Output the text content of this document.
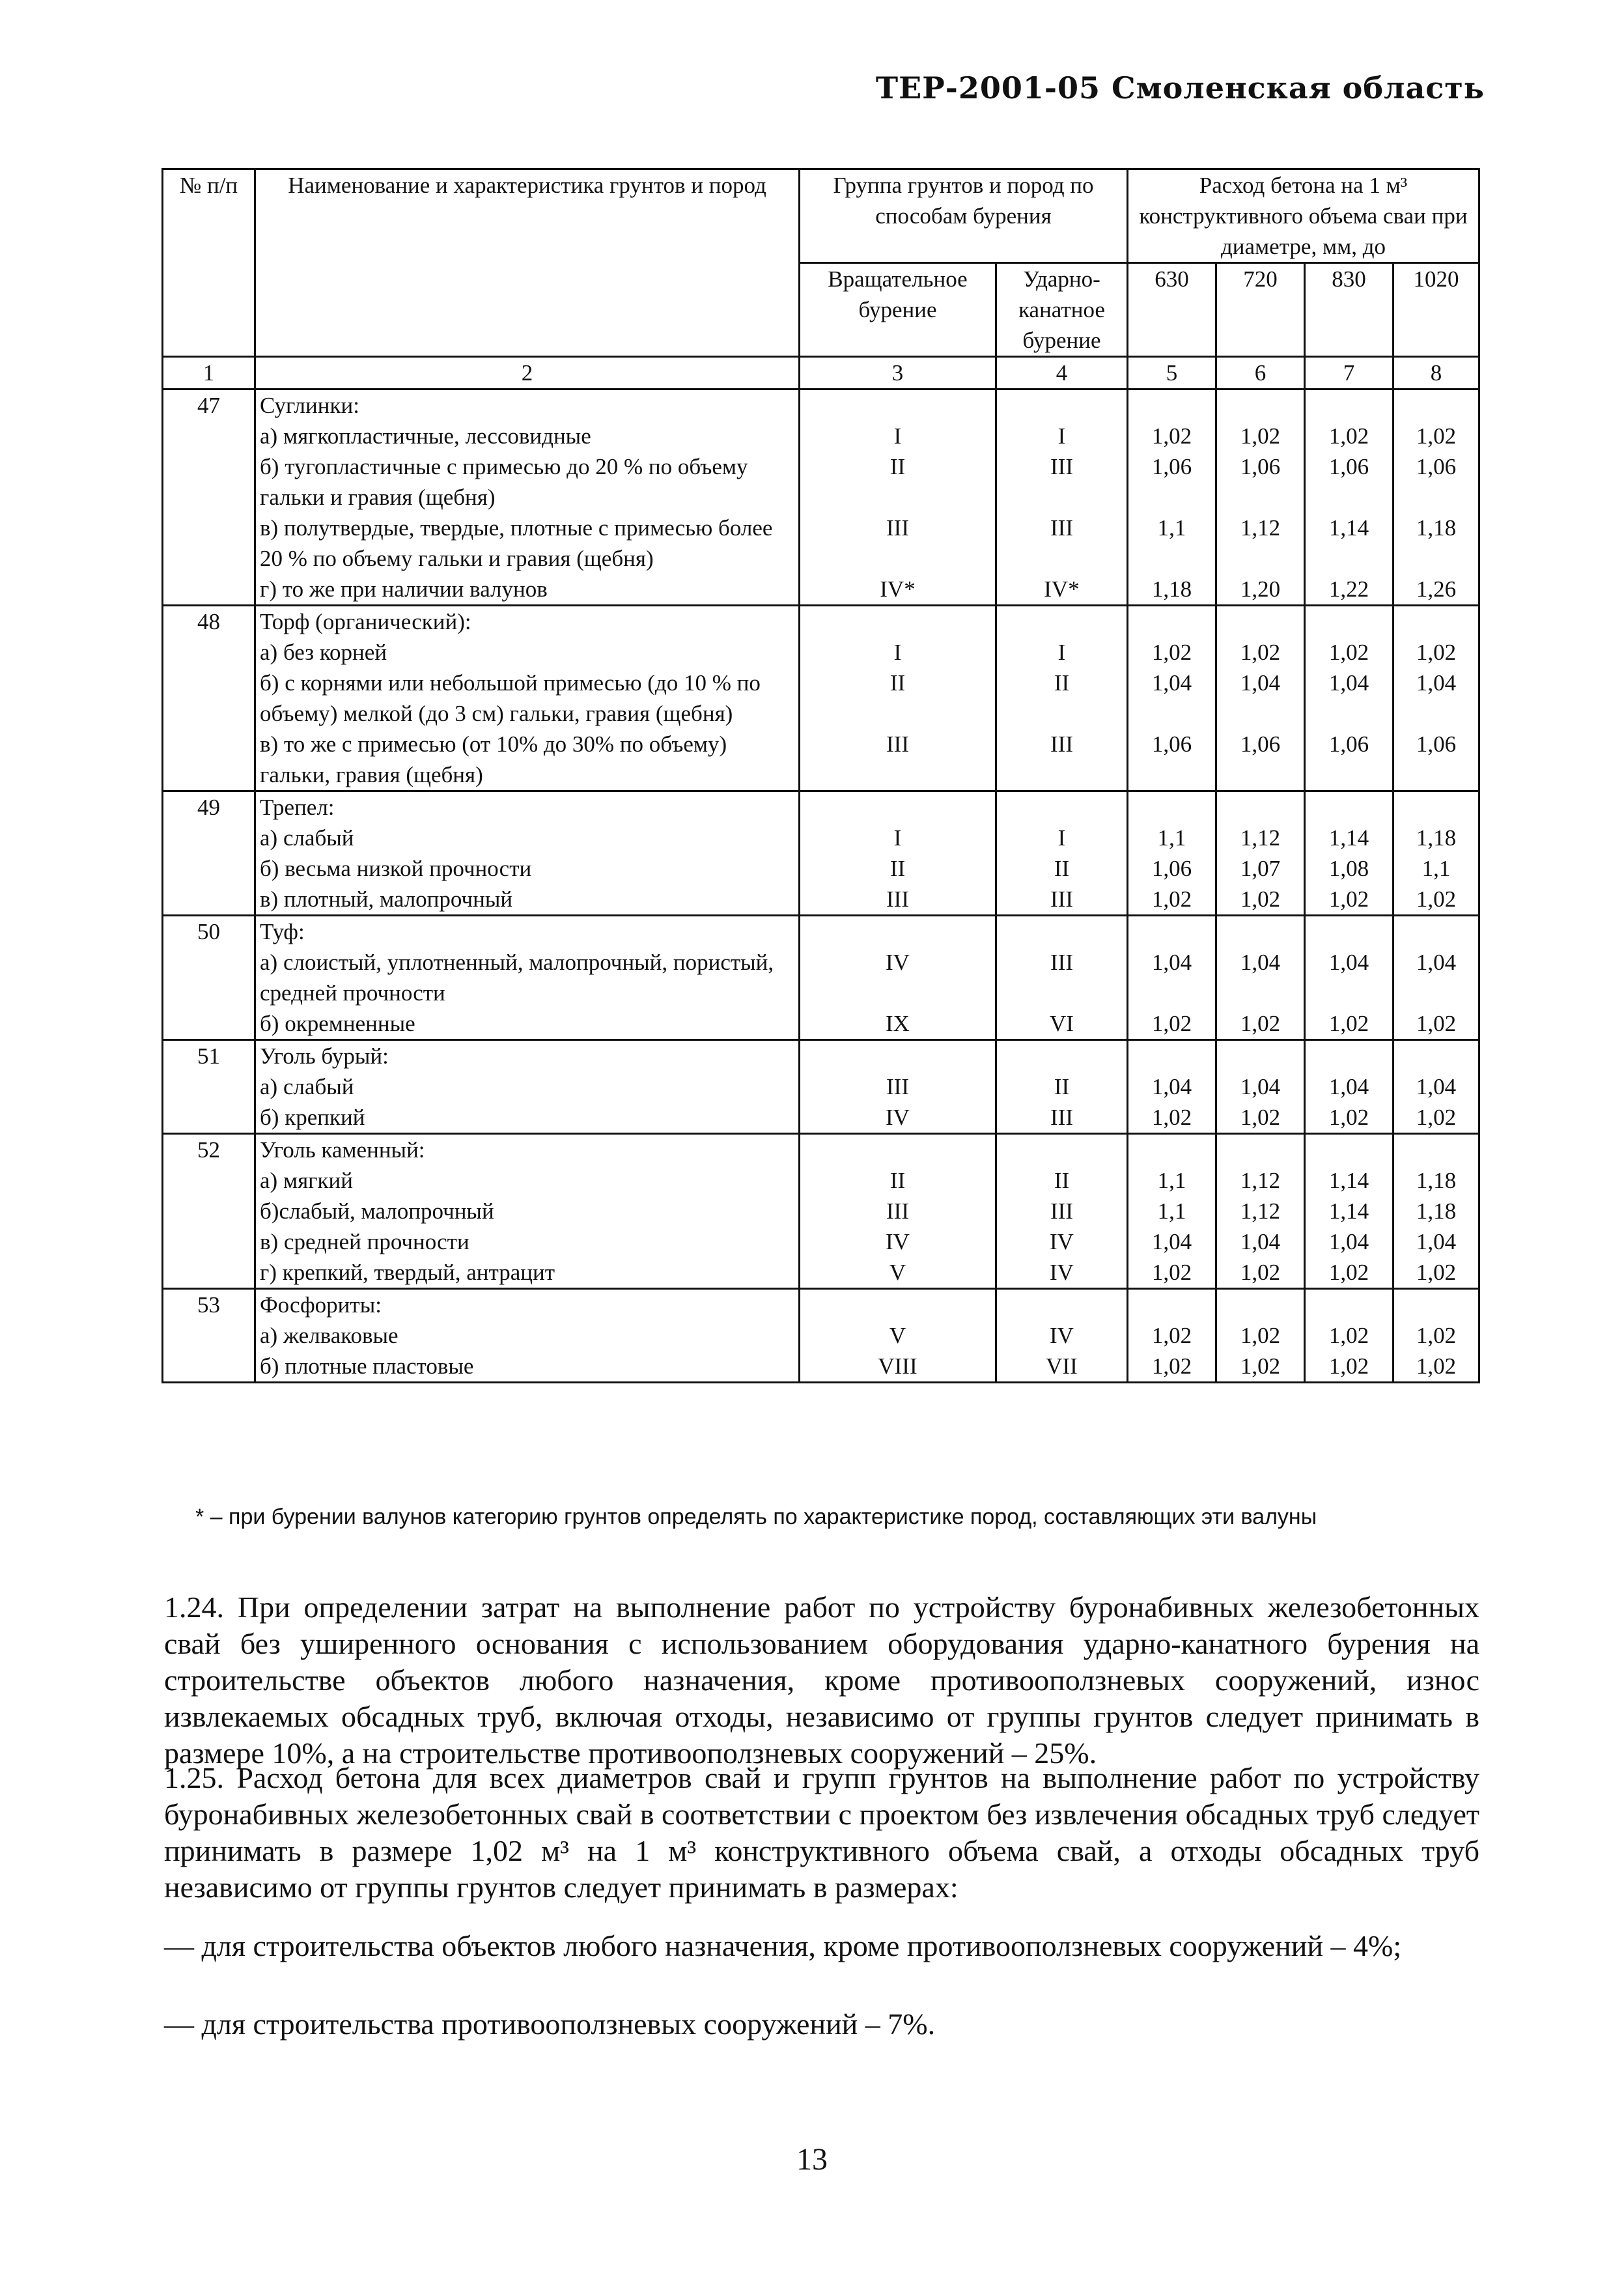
ТЕР-2001-05 Смоленская область
№ п/п	Наименование и характеристика грунтов и пород	Группа грунтов и пород по способам бурения		Расход бетона на 1 м³ конструктивного объема сваи при диаметре, мм, до			
		Вращательное бурение	Ударно-канатное бурение	630	720	830	1020
1	2	3	4	5	6	7	8
47	Суглинки:						
	а) мягкопластичные, лессовидные	I	I	1,02	1,02	1,02	1,02
	б) тугопластичные с примесью до 20 % по объему гальки и гравия (щебня)	II	III	1,06	1,06	1,06	1,06
	в) полутвердые, твердые, плотные с примесью более 20 % по объему гальки и гравия (щебня)	III	III	1,1	1,12	1,14	1,18
	г) то же при наличии валунов	IV*	IV*	1,18	1,20	1,22	1,26
48	Торф (органический):						
	а) без корней	I	I	1,02	1,02	1,02	1,02
	б) с корнями или небольшой примесью (до 10 % по объему) мелкой (до 3 см) гальки, гравия (щебня)	II	II	1,04	1,04	1,04	1,04
	в) то же с примесью (от 10% до 30% по объему) гальки, гравия (щебня)	III	III	1,06	1,06	1,06	1,06
49	Трепел:						
	а) слабый	I	I	1,1	1,12	1,14	1,18
	б) весьма низкой прочности	II	II	1,06	1,07	1,08	1,1
	в) плотный, малопрочный	III	III	1,02	1,02	1,02	1,02
50	Туф:						
	а) слоистый, уплотненный, малопрочный, пористый, средней прочности	IV	III	1,04	1,04	1,04	1,04
	б) окремненные	IX	VI	1,02	1,02	1,02	1,02
51	Уголь бурый:						
	а) слабый	III	II	1,04	1,04	1,04	1,04
	б) крепкий	IV	III	1,02	1,02	1,02	1,02
52	Уголь каменный:						
	а) мягкий	II	II	1,1	1,12	1,14	1,18
	б)слабый, малопрочный	III	III	1,1	1,12	1,14	1,18
	в) средней прочности	IV	IV	1,04	1,04	1,04	1,04
	г) крепкий, твердый, антрацит	V	IV	1,02	1,02	1,02	1,02
53	Фосфориты:						
	а) желваковые	V	IV	1,02	1,02	1,02	1,02
	б) плотные пластовые	VIII	VII	1,02	1,02	1,02	1,02
* – при бурении валунов категорию грунтов определять по характеристике пород, составляющих эти валуны

1.24. При определении затрат на выполнение работ по устройству буронабивных железобетонных свай без уширенного основания с использованием оборудования ударно-канатного бурения на строительстве объектов любого назначения, кроме противооползневых сооружений, износ извлекаемых обсадных труб, включая отходы, независимо от группы грунтов следует принимать в размере 10%, а на строительстве противооползневых сооружений – 25%.

1.25. Расход бетона для всех диаметров свай и групп грунтов на выполнение работ по устройству буронабивных железобетонных свай в соответствии с проектом без извлечения обсадных труб следует принимать в размере 1,02 м³ на 1 м³ конструктивного объема свай, а отходы обсадных труб независимо от группы грунтов следует принимать в размерах:

— для строительства объектов любого назначения, кроме противооползневых сооружений – 4%;

— для строительства противооползневых сооружений – 7%.

13
